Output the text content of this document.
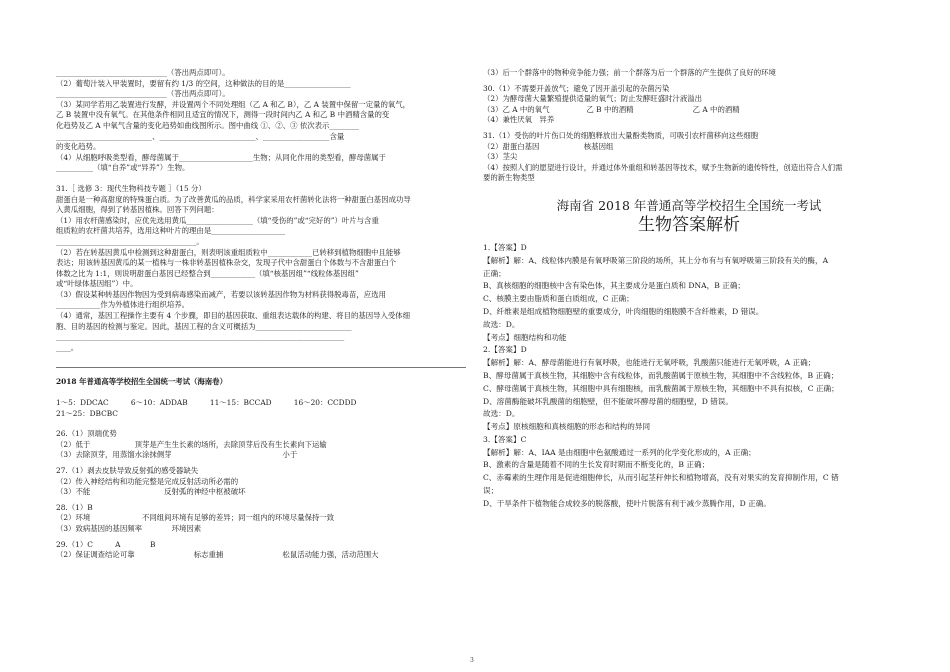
______________________________（答出两点即可）。
（2）葡萄汁装入甲装置时，要留有约 1/3 的空间，这种做法的目的是__________________
______________________________（答出两点即可）。
（3）某同学若用乙装置进行发酵，并设置两个不同处理组（乙 A 和乙 B），乙 A 装置中保留一定量的氧气，
乙 B 装置中没有氧气。在其他条件相同且适宜的情况下，测得一段时间内乙 A 和乙 B 中酒精含量的变
化趋势及乙 A 中氧气含量的变化趋势如曲线图所示。图中曲线 ①、②、③ 依次表示________
__________________________、__________________________、__________________含量
的变化趋势。
（4）从细胞呼吸类型看，酵母菌属于____________________生物；从同化作用的类型看，酵母菌属于
__________（填“自养”或“异养”）生物。
31.［ 选修 3：现代生物科技专题 ］（15 分）
甜蛋白是一种高甜度的特殊蛋白质。为了改善黄瓜的品质，科学家采用农杆菌转化法将一种甜蛋白基因成功导
入黄瓜细胞，得到了转基因植株。回答下列问题：
（1）用农杆菌感染时，应优先选用黄瓜__________________（填“受伤的”或“完好的”）叶片与含重
组质粒的农杆菌共培养，选用这种叶片的理由是____________________
______________________________________。
（2）若在转基因黄瓜中检测到这种甜蛋白，则表明该重组质粒中____________已转移到植物细胞中且能够
表达；用该转基因黄瓜的某一植株与一株非转基因植株杂交，发现子代中含甜蛋白个体数与不含甜蛋白个
体数之比为 1:1，则说明甜蛋白基因已经整合到____________（填“核基因组”“线粒体基因组”
或“叶绿体基因组”）中。
（3）假设某种转基因作物因为受到病毒感染而减产，若要以该转基因作物为材料获得脱毒苗，应选用
____________作为外植体进行组织培养。
（4）通常，基因工程操作主要有 4 个步骤，即目的基因获取、重组表达载体的构建、将目的基因导入受体细
胞、目的基因的检测与鉴定。因此，基因工程的含义可概括为__________________________
______________________________________________________________________________
____。
2018 年普通高等学校招生全国统一考试（海南卷）
1～5：DDCAC　　　6～10：ADDAB　　　11～15：BCCAD　　　16～20：CCDDD
21～25：DBCBC
26.（1）顶端优势
（2）低于　　　　　　顶芽是产生生长素的场所，去除顶芽后没有生长素向下运输
（3）去除顶芽，用蒸馏水涂抹侧芽　　　　　　　　　　　　　　　小于
27.（1）剥去皮肤导致反射弧的感受器缺失
（2）传入神经结构和功能完整是完成反射活动所必需的
（3）不能　　　　　　　　　　反射弧的神经中枢被破坏
28.（1）B
（2）环境　　　　　　　不同组间环境有足够的差异；同一组内的环境尽量保持一致
（3）致病基因的基因频率　　　　环境因素
29.（1）C　　　A　　　　B
（2）保证调查结论可靠　　　　　　　　标志重捕　　　　　　　　松鼠活动能力强，活动范围大
（3）后一个群落中的物种竞争能力强；前一个群落为后一个群落的产生提供了良好的环境
30.（1）不需要开盖放气；避免了因开盖引起的杂菌污染
（2）为酵母菌大量繁殖提供适量的氧气；防止发酵旺盛时汁液溢出
（3）乙 A 中的氧气　　　　　乙 B 中的酒精　　　　　　　　乙 A 中的酒精
（4）兼性厌氧　异养
31.（1）受伤的叶片伤口处的细胞释放出大量酚类物质，可吸引农杆菌移向这些细胞
（2）甜蛋白基因　　　　　　核基因组
（3）茎尖
（4）按照人们的愿望进行设计，并通过体外重组和转基因等技术，赋予生物新的遗传特性，创造出符合人们需
要的新生物类型
海南省 2018 年普通高等学校招生全国统一考试
生物答案解析
1.【答案】D
【解析】解：A、线粒体内膜是有氧呼吸第三阶段的场所，其上分布有与有氧呼吸第三阶段有关的酶，A
正确；
B、真核细胞的细胞核中含有染色体，其主要成分是蛋白质和 DNA，B 正确；
C、核膜主要由脂质和蛋白质组成，C 正确；
D、纤维素是组成植物细胞壁的重要成分，叶肉细胞的细胞膜不含纤维素，D 错误。
故选：D。
【考点】细胞结构和功能
2.【答案】D
【解析】解：A、酵母菌能进行有氧呼吸，也能进行无氧呼吸，乳酸菌只能进行无氧呼吸，A 正确；
B、酵母菌属于真核生物，其细胞中含有线粒体，而乳酸菌属于原核生物，其细胞中不含线粒体，B 正确；
C、酵母菌属于真核生物，其细胞中具有细胞核，而乳酸菌属于原核生物，其细胞中不具有拟核，C 正确；
D、溶菌酶能破坏乳酸菌的细胞壁，但不能破坏酵母菌的细胞壁，D 错误。
故选：D。
【考点】原核细胞和真核细胞的形态和结构的异同
3.【答案】C
【解析】解：A、IAA 是由细胞中色氨酸通过一系列的化学变化形成的，A 正确；
B、激素的含量是随着不同的生长发育时期而不断变化的，B 正确；
C、赤霉素的生理作用是促进细胞伸长，从而引起茎秆伸长和植物增高，没有对果实的发育抑制作用，C 错
误；
D、干旱条件下植物能合成较多的脱落酸，使叶片脱落有利于减少蒸腾作用，D 正确。
3
